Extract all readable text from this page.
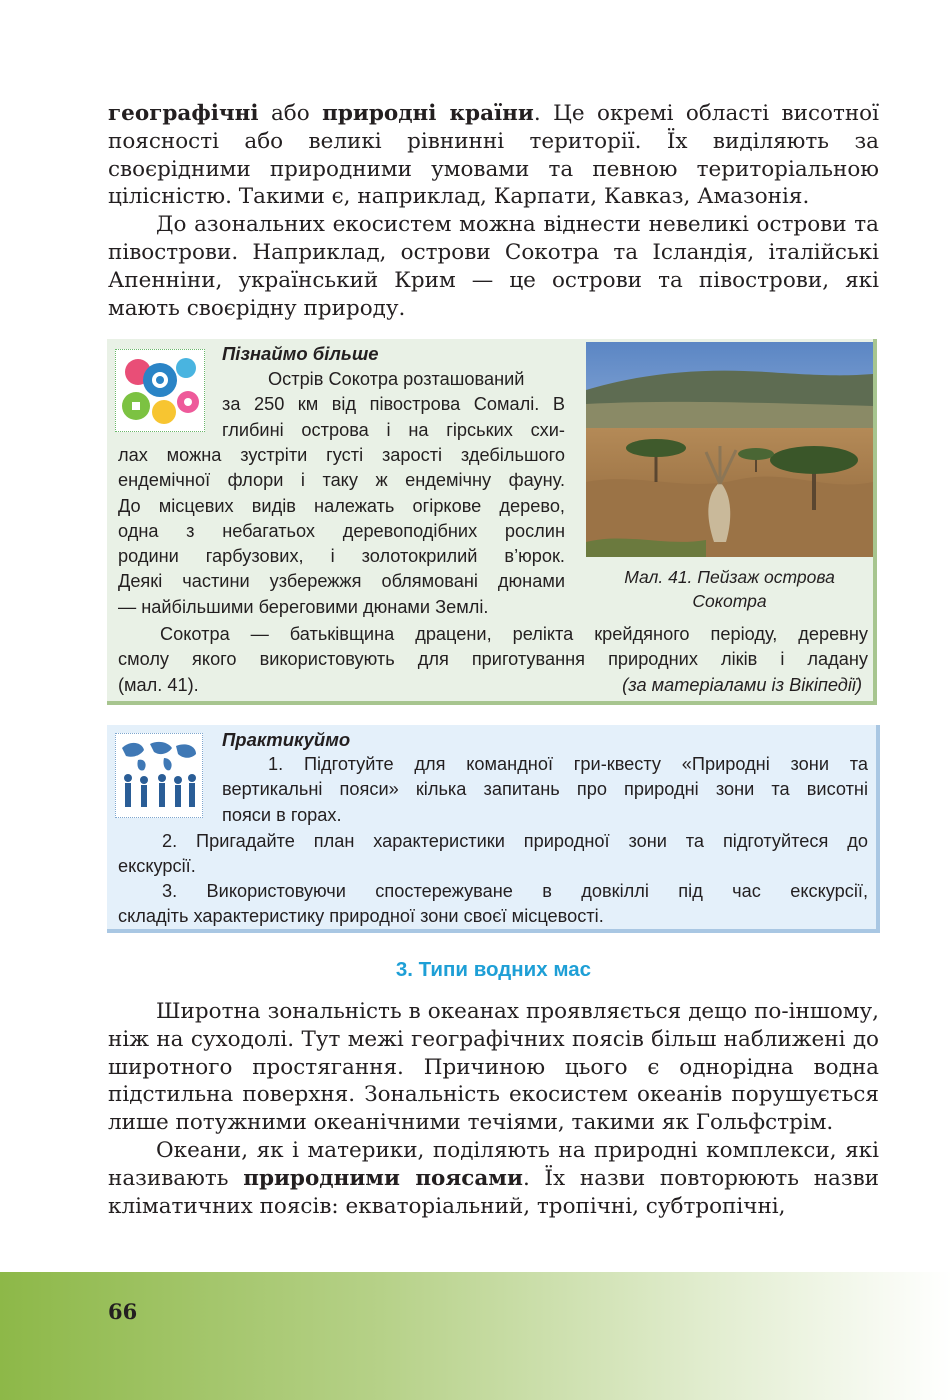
географічні або природні країни. Це окремі області висотної поясності або великі рівнинні території. Їх виділяють за своєрідними природними умовами та певною територіальною цілісністю. Такими є, наприклад, Карпати, Кавказ, Амазонія.

До азональних екосистем можна віднести невеликі острови та півострови. Наприклад, острови Сокотра та Ісландія, італійські Апенніни, український Крим — це острови та півострови, які мають своєрідну природу.

Пізнаймо більше
Острів Сокотра розташований
за 250 км від півострова Сомалі. В
глибині острова і на гірських схи-
лах можна зустріти густі зарості здебільшого
ендемічної флори і таку ж ендемічну фауну.
До місцевих видів належать огіркове дерево,
одна з небагатьох деревоподібних рослин
родини гарбузових, і золотокрилий в’юрок.
Деякі частини узбережжя облямовані дюнами
— найбільшими береговими дюнами Землі.
Мал. 41. Пейзаж острова Сокотра
Сокотра — батьківщина драцени, релікта крейдяного періоду, деревну
смолу якого використовують для приготування природних ліків і ладану
(мал. 41).	(за матеріалами із Вікіпедії)
Практикуймо
1. Підготуйте для командної гри-квесту «Природні зони та
вертикальні пояси» кілька запитань про природні зони та висотні
пояси в горах.
2. Пригадайте план характеристики природної зони та підготуйтеся до
екскурсії.
3. Використовуючи спостережуване в довкіллі під час екскурсії,
складіть характеристику природної зони своєї місцевості.
3. Типи водних мас

Широтна зональність в океанах проявляється дещо по-іншому, ніж на суходолі. Тут межі географічних поясів більш наближені до широтного простягання. Причиною цього є однорідна водна підстильна поверхня. Зональність екосистем океанів порушується лише потужними океанічними течіями, такими як Гольфстрім.

Океани, як і материки, поділяють на природні комплекси, які називають природними поясами. Їх назви повторюють назви кліматичних поясів: екваторіальний, тропічні, субтропічні,

66
